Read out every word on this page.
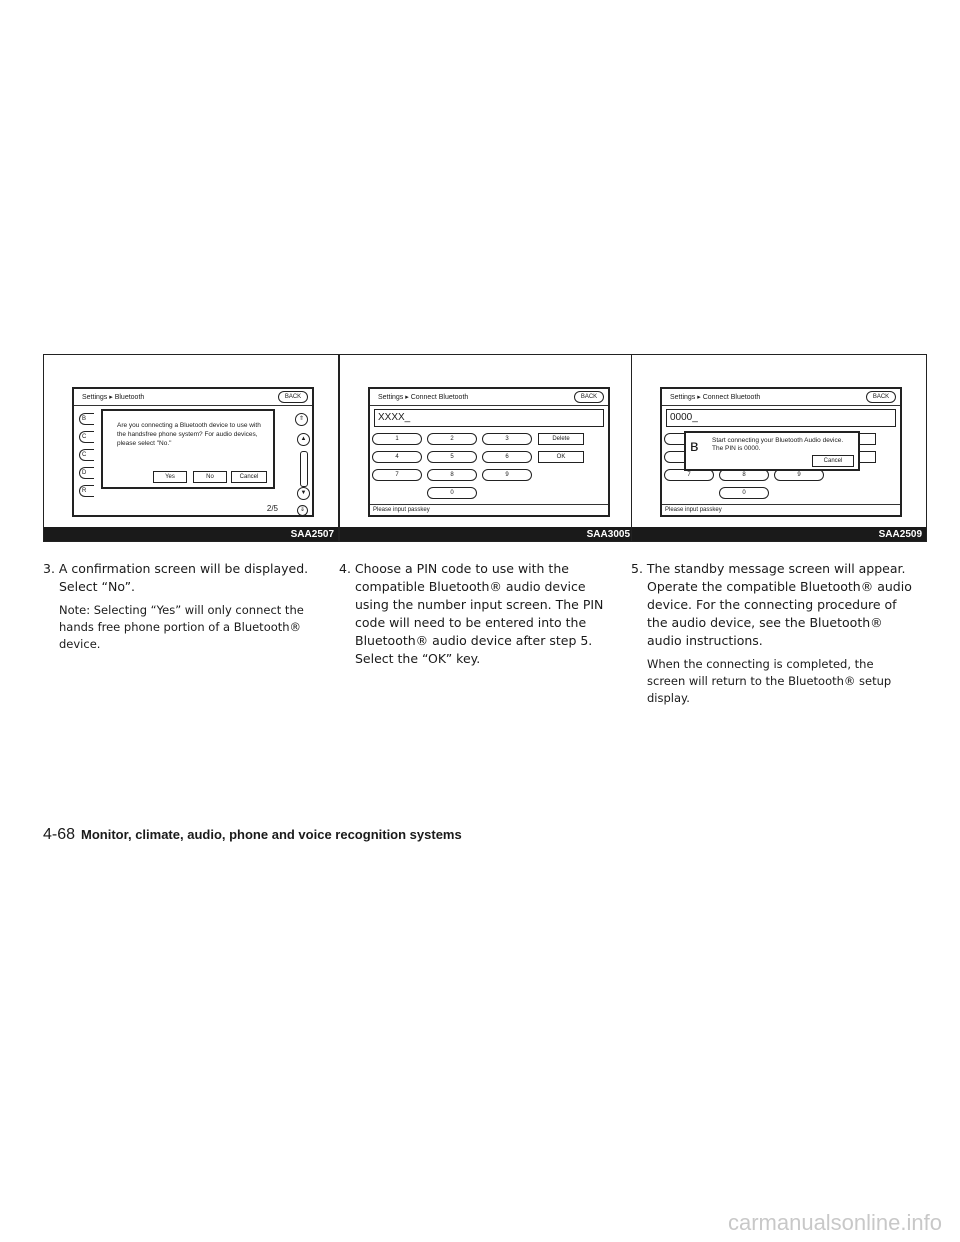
Settings ▸ Bluetooth	BACK
B
C
C
D
R
Are you connecting a Bluetooth device to use with the handsfree phone system? For audio devices, please select "No."
Yes	No	Cancel
⇑
▲
▼
⇓
2/5
SAA2507
Settings ▸ Connect Bluetooth	BACK
XXXX_
1	2	3	Delete
4	5	6	OK
7	8	9
0
Please input passkey
SAA3005
Settings ▸ Connect Bluetooth	BACK
0000_
7	8	9
0
ʙ Start connecting your Bluetooth Audio device. The PIN is 0000.
Cancel
Please input passkey
SAA2509

3. A confirmation screen will be displayed. Select “No”.

Note: Selecting “Yes” will only connect the hands free phone portion of a Bluetooth® device.

4. Choose a PIN code to use with the compatible Bluetooth® audio device using the number input screen. The PIN code will need to be entered into the Bluetooth® audio device after step 5. Select the “OK” key.

5. The standby message screen will appear. Operate the compatible Bluetooth® audio device. For the connecting procedure of the audio device, see the Bluetooth® audio instructions.

When the connecting is completed, the screen will return to the Bluetooth® setup display.

4-68 Monitor, climate, audio, phone and voice recognition systems
carmanualsonline.info
